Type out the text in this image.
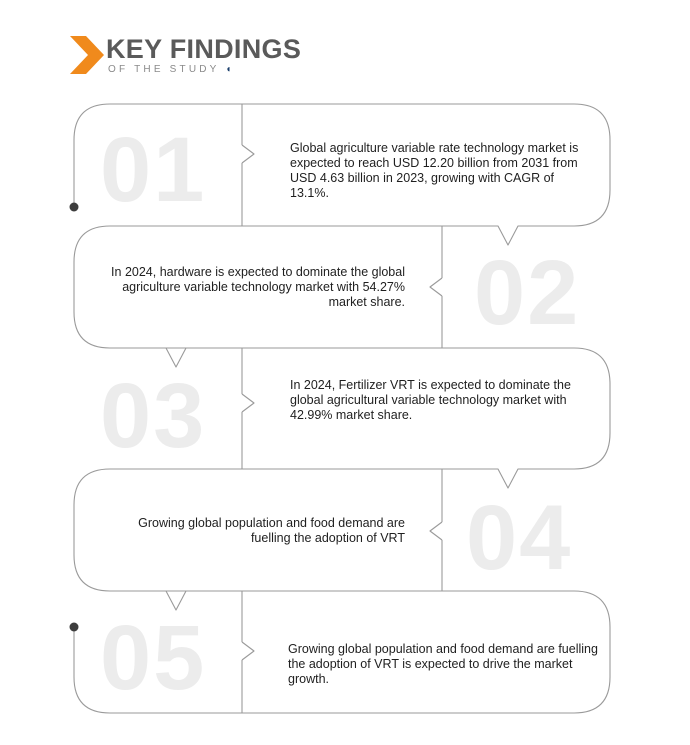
KEY FINDINGS
OF THE STUDY ◖
01	Global agriculture variable rate technology market is expected to reach USD 12.20 billion from 2031 from USD 4.63 billion in 2023, growing with CAGR of 13.1%.
02
In 2024, hardware is expected to dominate the global agriculture variable technology market with 54.27% market share.
03	In 2024, Fertilizer VRT is expected to dominate the global agricultural variable technology market with 42.99% market share.
04
Growing global population and food demand are fuelling the adoption of VRT
05	Growing global population and food demand are fuelling the adoption of VRT is expected to drive the market growth.
